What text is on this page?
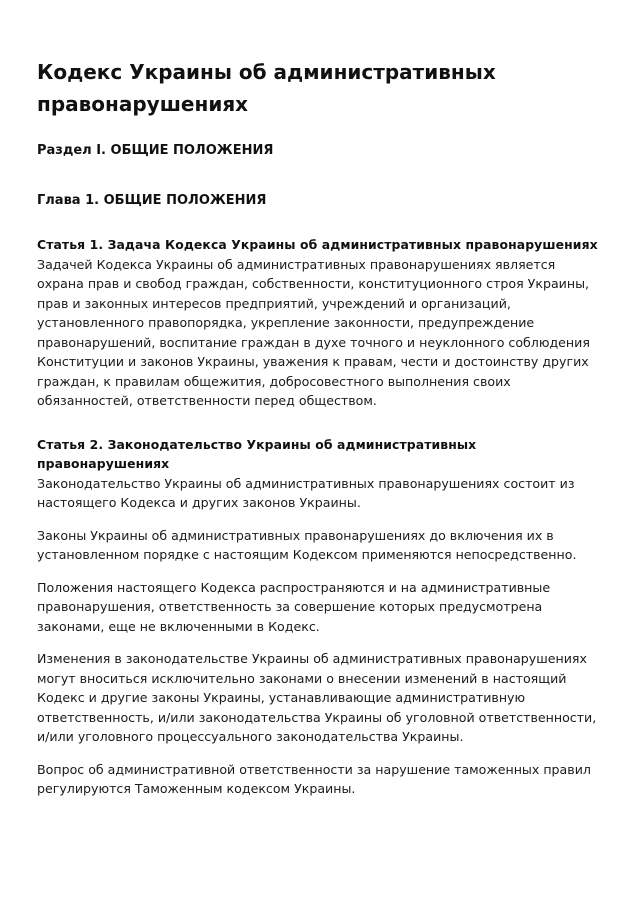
Кодекс Украины об административных правонарушениях
Раздел I. ОБЩИЕ ПОЛОЖЕНИЯ
Глава 1. ОБЩИЕ ПОЛОЖЕНИЯ
Статья 1. Задача Кодекса Украины об административных правонарушениях

Задачей Кодекса Украины об административных правонарушениях является охрана прав и свобод граждан, собственности, конституционного строя Украины, прав и законных интересов предприятий, учреждений и организаций, установленного правопорядка, укрепление законности, предупреждение правонарушений, воспитание граждан в духе точного и неуклонного соблюдения Конституции и законов Украины, уважения к правам, чести и достоинству других граждан, к правилам общежития, добросовестного выполнения своих обязанностей, ответственности перед обществом.

Статья 2. Законодательство Украины об административных правонарушениях

Законодательство Украины об административных правонарушениях состоит из настоящего Кодекса и других законов Украины.

Законы Украины об административных правонарушениях до включения их в установленном порядке с настоящим Кодексом применяются непосредственно.

Положения настоящего Кодекса распространяются и на административные правонарушения, ответственность за совершение которых предусмотрена законами, еще не включенными в Кодекс.

Изменения в законодательстве Украины об административных правонарушениях могут вноситься исключительно законами о внесении изменений в настоящий Кодекс и другие законы Украины, устанавливающие административную ответственность, и/или законодательства Украины об уголовной ответственности, и/или уголовного процессуального законодательства Украины.

Вопрос об административной ответственности за нарушение таможенных правил регулируются Таможенным кодексом Украины.
